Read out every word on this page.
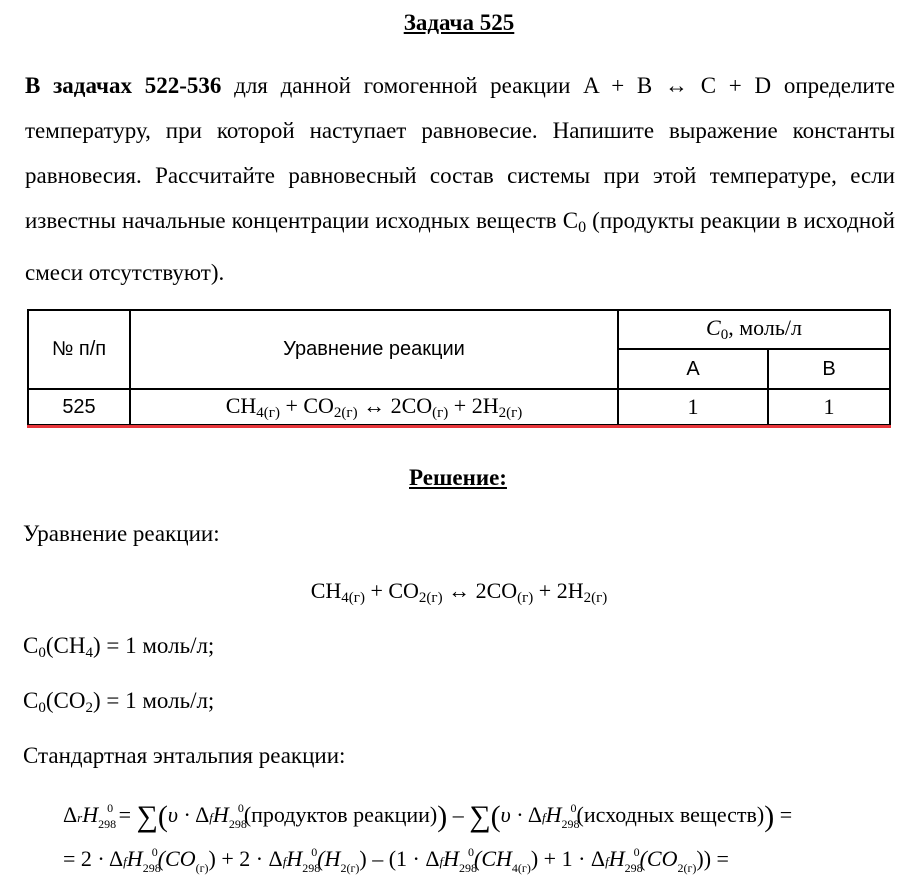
Задача 525
В задачах 522-536 для данной гомогенной реакции A + B ↔ C + D определите температуру, при которой наступает равновесие. Напишите выражение константы равновесия. Рассчитайте равновесный состав системы при этой температуре, если известны начальные концентрации исходных веществ $C_0$ (продукты реакции в исходной смеси отсутствуют).
№ п/п	Уравнение реакции	C0, моль/л	
		A	B
525	CH4(г) + CO2(г) ↔ 2CO(г) + 2H2(г)	1	1
Решение:
Уравнение реакции:
CH4(г) + CO2(г) ↔ 2CO(г) + 2H2(г)
C0(CH4) = 1 моль/л;
C0(CO2) = 1 моль/л;
Стандартная энтальпия реакции:
ΔrH$_{298}^0$ = ∑(υ · ΔfH$_{298}^0$(продуктов реакции)) – ∑(υ · ΔfH$_{298}^0$(исходных веществ)) =
= $2 \cdot \Delta fH_{298}^0(CO_{(г)}) + 2 \cdot \Delta fH_{298}^0(H_{2(г)}) - (1 \cdot \Delta fH_{298}^0(CH_{4(г)}) + 1 \cdot \Delta fH_{298}^0(CO_{2(г)}))$ =
